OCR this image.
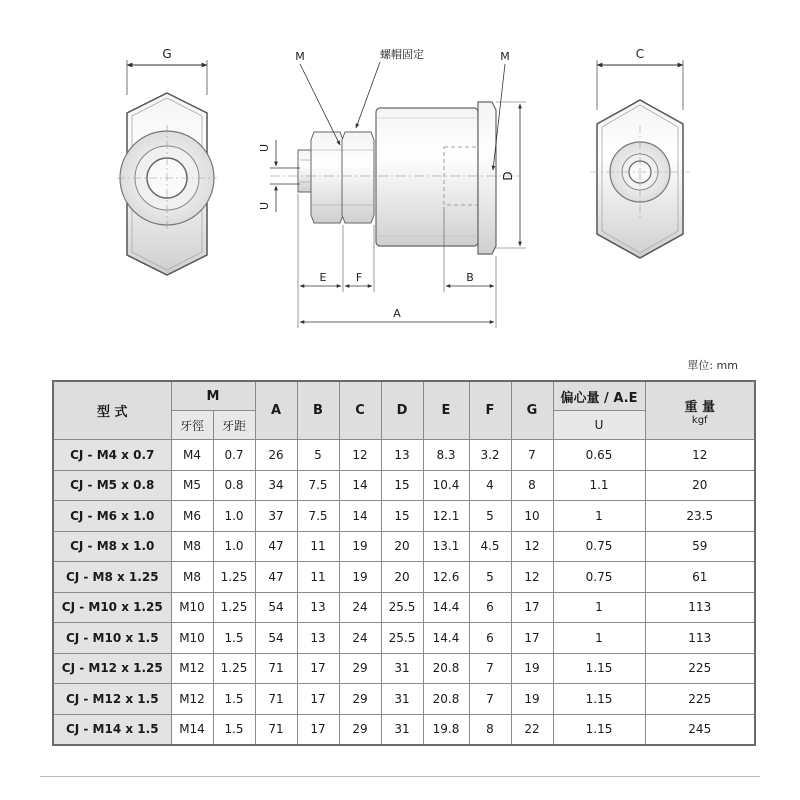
G
U
U
M	螺帽固定	M
D
E	F	B
A
C
單位: mm
型 式	M		A	B	C	D	E	F	G	偏心量 / A.E	重 量
kgf

	牙徑	牙距								U	
CJ - M4 x 0.7	M4	0.7	26	5	12	13	8.3	3.2	7	0.65	12
CJ - M5 x 0.8	M5	0.8	34	7.5	14	15	10.4	4	8	1.1	20
CJ - M6 x 1.0	M6	1.0	37	7.5	14	15	12.1	5	10	1	23.5
CJ - M8 x 1.0	M8	1.0	47	11	19	20	13.1	4.5	12	0.75	59
CJ - M8 x 1.25	M8	1.25	47	11	19	20	12.6	5	12	0.75	61
CJ - M10 x 1.25	M10	1.25	54	13	24	25.5	14.4	6	17	1	113
CJ - M10 x 1.5	M10	1.5	54	13	24	25.5	14.4	6	17	1	113
CJ - M12 x 1.25	M12	1.25	71	17	29	31	20.8	7	19	1.15	225
CJ - M12 x 1.5	M12	1.5	71	17	29	31	20.8	7	19	1.15	225
CJ - M14 x 1.5	M14	1.5	71	17	29	31	19.8	8	22	1.15	245
